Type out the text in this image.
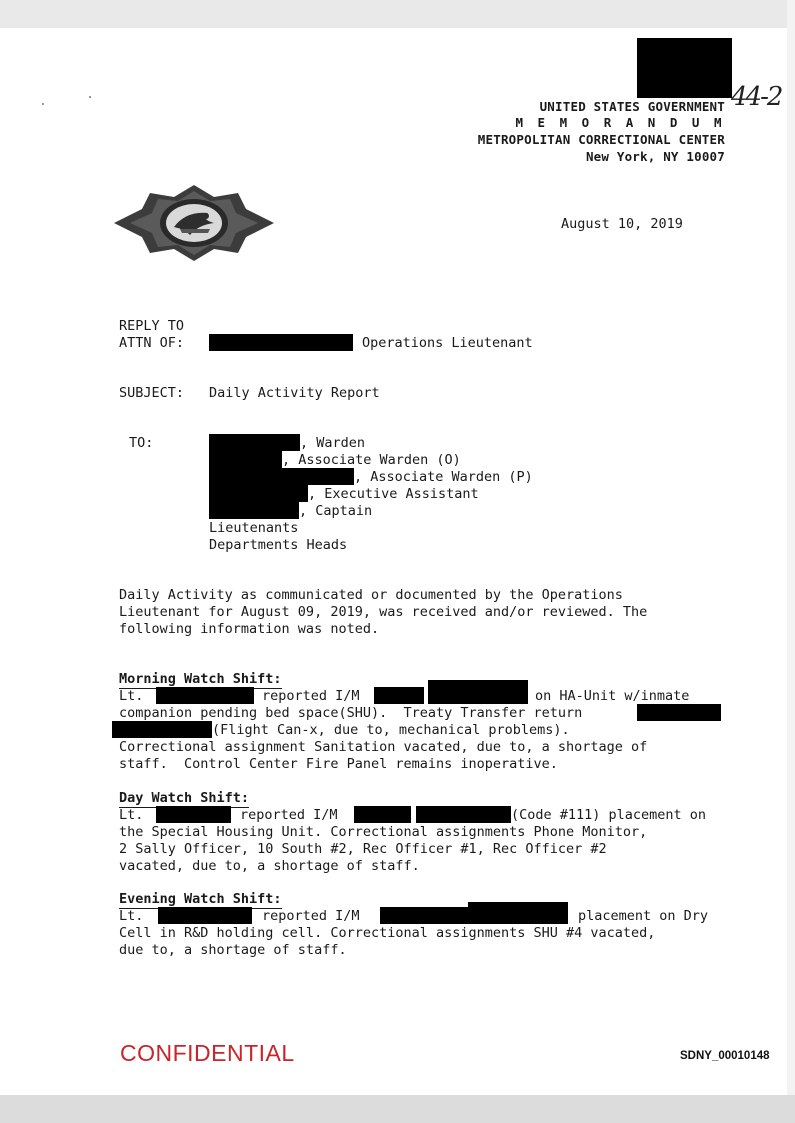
44-2
UNITED STATES GOVERNMENT
M E M O R A N D U M
METROPOLITAN CORRECTIONAL CENTER
New York, NY 10007
August 10, 2019
REPLY TO
ATTN OF:	Operations Lieutenant
SUBJECT: Daily Activity Report
TO:	, Warden
, Associate Warden (O)
, Associate Warden (P)
, Executive Assistant
, Captain
Lieutenants
Departments Heads
Daily Activity as communicated or documented by the Operations
Lieutenant for August 09, 2019, was received and/or reviewed. The
following information was noted.
Morning Watch Shift:
Lt.	reported I/M	on HA-Unit w/inmate
companion pending bed space(SHU).  Treaty Transfer return
(Flight Can-x, due to, mechanical problems).
Correctional assignment Sanitation vacated, due to, a shortage of
staff.  Control Center Fire Panel remains inoperative.
Day Watch Shift:
Lt.	reported I/M	(Code #111) placement on
the Special Housing Unit. Correctional assignments Phone Monitor,
2 Sally Officer, 10 South #2, Rec Officer #1, Rec Officer #2
vacated, due to, a shortage of staff.
Evening Watch Shift:
Lt.	reported I/M	placement on Dry
Cell in R&D holding cell. Correctional assignments SHU #4 vacated,
due to, a shortage of staff.
CONFIDENTIAL	SDNY_00010148
